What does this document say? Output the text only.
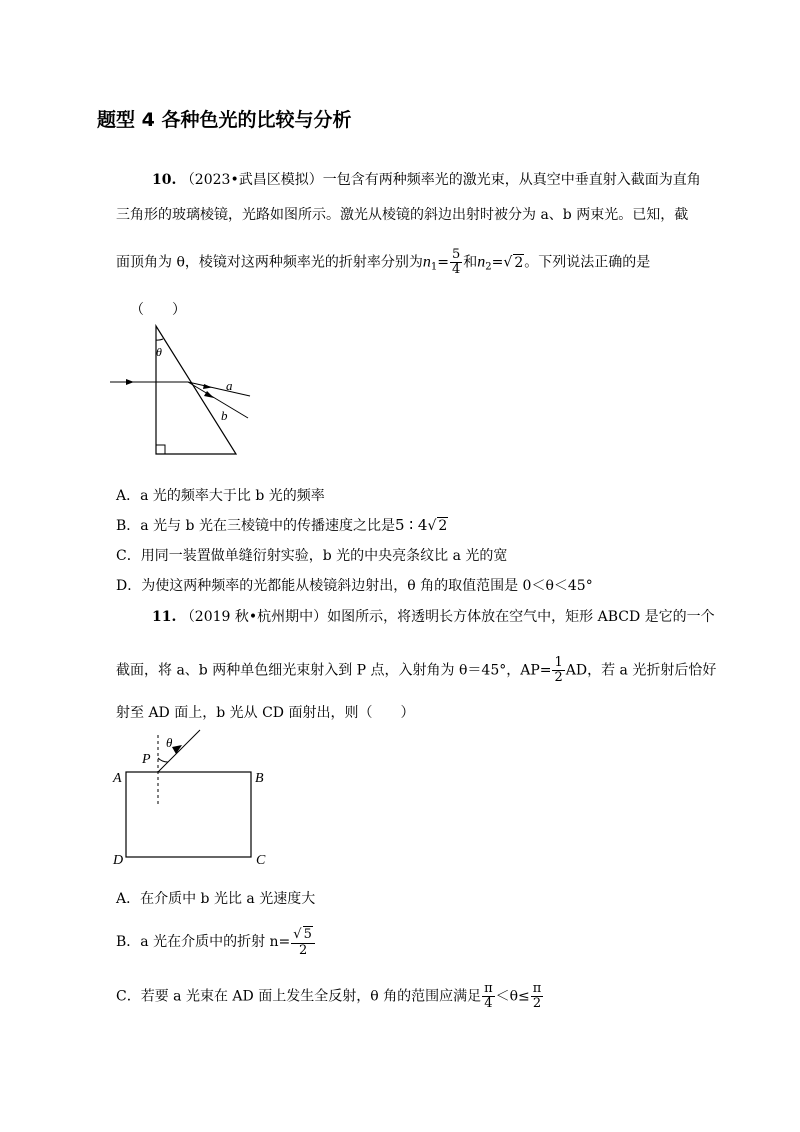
题型 4 各种色光的比较与分析
10. （2023•武昌区模拟）一包含有两种频率光的激光束，从真空中垂直射入截面为直角
三角形的玻璃棱镜，光路如图所示。激光从棱镜的斜边出射时被分为 a、b 两束光。已知，截
面顶角为 θ，棱镜对这两种频率光的折射率分别为$n_1= \frac{5}{4}$ 和$n_2=√$ 2。下列说法正确的是
（　　）
θ
a
b
A．a 光的频率大于比 b 光的频率
B．a 光与 b 光在三棱镜中的传播速度之比是5 ∶ 4√ 2
C．用同一装置做单缝衍射实验，b 光的中央亮条纹比 a 光的宽
D．为使这两种频率的光都能从棱镜斜边射出，θ 角的取值范围是 0＜θ＜45°
11. （2019 秋•杭州期中）如图所示，将透明长方体放在空气中，矩形 ABCD 是它的一个
截面，将 a、b 两种单色细光束射入到 P 点，入射角为 θ＝45°，$AP= \frac{1}{2}$ AD，若 a 光折射后恰好
射至 AD 面上，b 光从 CD 面射出，则（　　）
θ
P
A	B
D	C
A．在介质中 b 光比 a 光速度大
B．a 光在介质中的折射 $n= \frac{√ 5}{2}$
C．若要 a 光束在 AD 面上发生全反射，θ 角的范围应满足 $\frac{\pi}{4} <\theta\le \frac{\pi}{2}$
